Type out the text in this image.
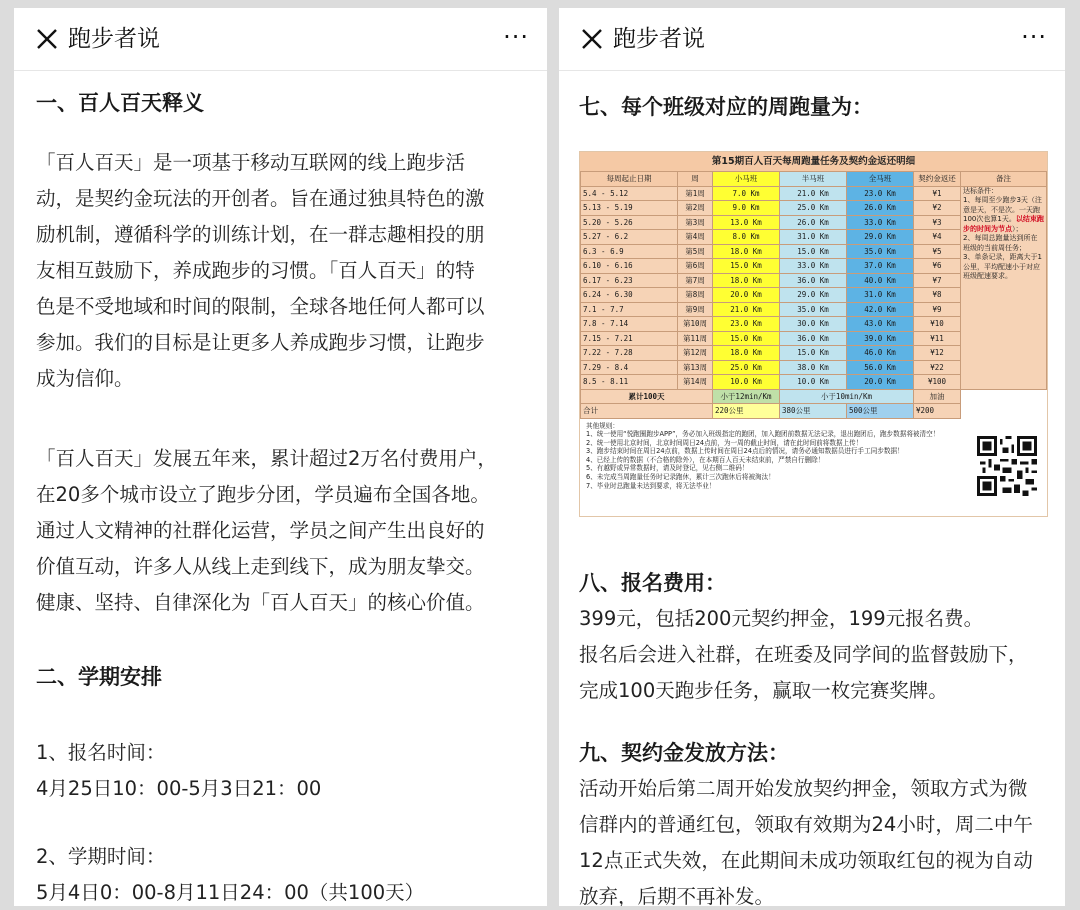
跑步者说	···
一、百人百天释义
「百人百天」是一项基于移动互联网的线上跑步活
动，是契约金玩法的开创者。旨在通过独具特色的激
励机制，遵循科学的训练计划，在一群志趣相投的朋
友相互鼓励下，养成跑步的习惯。「百人百天」的特
色是不受地域和时间的限制，全球各地任何人都可以
参加。我们的目标是让更多人养成跑步习惯，让跑步
成为信仰。
「百人百天」发展五年来，累计超过2万名付费用户，
在20多个城市设立了跑步分团，学员遍布全国各地。
通过人文精神的社群化运营，学员之间产生出良好的
价值互动，许多人从线上走到线下，成为朋友挚交。
健康、坚持、自律深化为「百人百天」的核心价值。
二、学期安排
1、报名时间：
4月25日10：00-5月3日21：00
2、学期时间：
5月4日0：00-8月11日24：00（共100天）
跑步者说	···
七、每个班级对应的周跑量为：
第15期百人百天每周跑量任务及契约金返还明细
每周起止日期	周	小马班	半马班	全马班	契约金返还	备注
5.4 - 5.12	第1周	7.0 Km	21.0 Km	23.0 Km	¥1	达标条件：
1、每周至少跑步3天（注意是天，不是次。一天跑100次也算1天。以结束跑步的时间为节点）；
2、每周总跑量达到所在班级的当前周任务；
3、单条记录，距离大于1公里，平均配速小于对应班级配速要求。
5.13 - 5.19	第2周	9.0 Km	25.0 Km	26.0 Km	¥2	
5.20 - 5.26	第3周	13.0 Km	26.0 Km	33.0 Km	¥3	
5.27 - 6.2	第4周	8.0 Km	31.0 Km	29.0 Km	¥4	
6.3 - 6.9	第5周	18.0 Km	15.0 Km	35.0 Km	¥5	
6.10 - 6.16	第6周	15.0 Km	33.0 Km	37.0 Km	¥6	
6.17 - 6.23	第7周	18.0 Km	36.0 Km	40.0 Km	¥7	
6.24 - 6.30	第8周	20.0 Km	29.0 Km	31.0 Km	¥8	
7.1 - 7.7	第9周	21.0 Km	35.0 Km	42.0 Km	¥9	
7.8 - 7.14	第10周	23.0 Km	30.0 Km	43.0 Km	¥10	
7.15 - 7.21	第11周	15.0 Km	36.0 Km	39.0 Km	¥11	
7.22 - 7.28	第12周	18.0 Km	15.0 Km	46.0 Km	¥12	
7.29 - 8.4	第13周	25.0 Km	38.0 Km	56.0 Km	¥22	
8.5 - 8.11	第14周	10.0 Km	10.0 Km	20.0 Km	¥100	
累计100天		小于12min/Km	小于10min/Km		加油	
合计		220公里	380公里	500公里	¥200	
其他规则：
1、统一使用“悦跑圈跑步APP”，务必加入班级指定的跑团，加入跑团前数据无法记录，退出跑团后，跑步数据将被清空！
2、统一使用北京时间，北京时间周日24点前，为一周的截止时间，请在此时间前将数据上传！
3、跑步结束时间在周日24点前，数据上传时间在周日24点后的情况，请务必通知数据员进行手工同步数据！
4、已经上传的数据（不合格的除外），在本期百人百天未结束前，严禁自行删除！
5、有越野或异常数据时，请及时登记，见右侧二维码！
6、未完成当周跑量任务时记录跑休，累计三次跑休后将被淘汰！
7、毕业时总跑量未达到要求，将无法毕业！
八、报名费用：
399元，包括200元契约押金，199元报名费。
报名后会进入社群，在班委及同学间的监督鼓励下，
完成100天跑步任务，赢取一枚完赛奖牌。
九、契约金发放方法：
活动开始后第二周开始发放契约押金，领取方式为微
信群内的普通红包，领取有效期为24小时，周二中午
12点正式失效，在此期间未成功领取红包的视为自动
放弃，后期不再补发。
